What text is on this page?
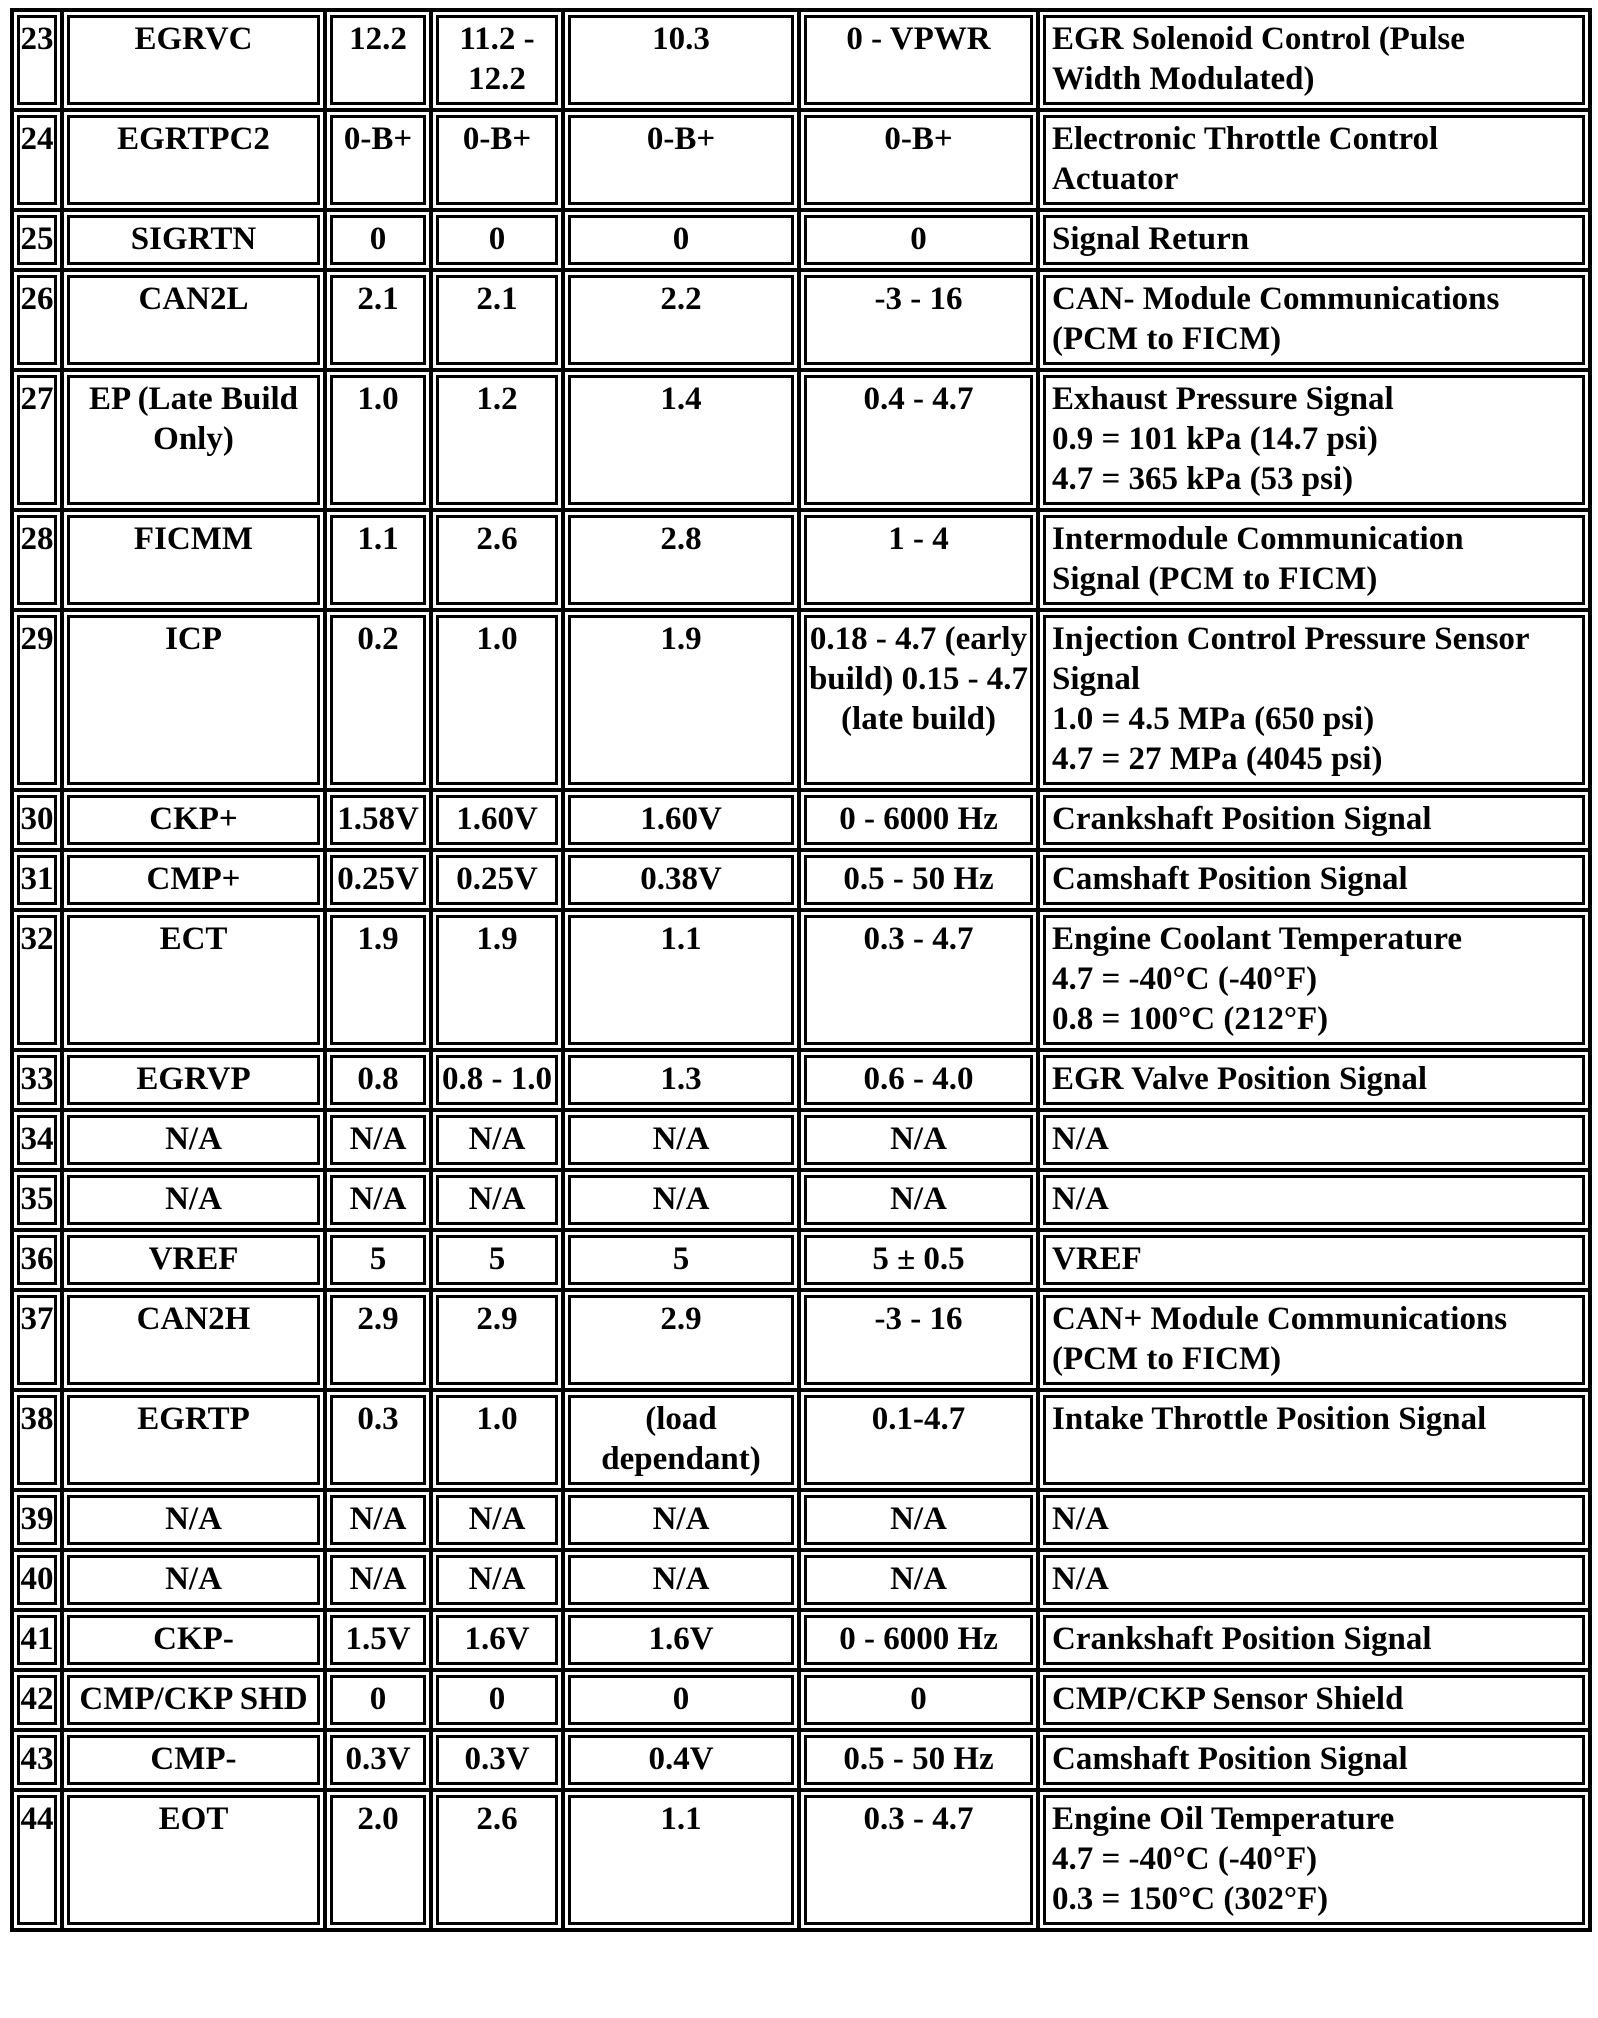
23	EGRVC	12.2	11.2 - 12.2	10.3	0 - VPWR	EGR Solenoid Control (Pulse
Width Modulated)

24	EGRTPC2	0-B+	0-B+	0-B+	0-B+	Electronic Throttle Control
Actuator

25	SIGRTN	0	0	0	0	Signal Return

26	CAN2L	2.1	2.1	2.2	-3 - 16	CAN- Module Communications
(PCM to FICM)

27	EP (Late Build Only)	1.0	1.2	1.4	0.4 - 4.7	Exhaust Pressure Signal
0.9 = 101 kPa (14.7 psi)
4.7 = 365 kPa (53 psi)

28	FICMM	1.1	2.6	2.8	1 - 4	Intermodule Communication
Signal (PCM to FICM)

29	ICP	0.2	1.0	1.9	0.18 - 4.7 (early build) 0.15 - 4.7 (late build)	Injection Control Pressure Sensor
Signal
1.0 = 4.5 MPa (650 psi)
4.7 = 27 MPa (4045 psi)

30	CKP+	1.58V	1.60V	1.60V	0 - 6000 Hz	Crankshaft Position Signal

31	CMP+	0.25V	0.25V	0.38V	0.5 - 50 Hz	Camshaft Position Signal

32	ECT	1.9	1.9	1.1	0.3 - 4.7	Engine Coolant Temperature
4.7 = -40°C (-40°F)
0.8 = 100°C (212°F)

33	EGRVP	0.8	0.8 - 1.0	1.3	0.6 - 4.0	EGR Valve Position Signal

34	N/A	N/A	N/A	N/A	N/A	N/A

35	N/A	N/A	N/A	N/A	N/A	N/A

36	VREF	5	5	5	5 ± 0.5	VREF

37	CAN2H	2.9	2.9	2.9	-3 - 16	CAN+ Module Communications
(PCM to FICM)

38	EGRTP	0.3	1.0	(load dependant)	0.1-4.7	Intake Throttle Position Signal

39	N/A	N/A	N/A	N/A	N/A	N/A

40	N/A	N/A	N/A	N/A	N/A	N/A

41	CKP-	1.5V	1.6V	1.6V	0 - 6000 Hz	Crankshaft Position Signal

42	CMP/CKP SHD	0	0	0	0	CMP/CKP Sensor Shield

43	CMP-	0.3V	0.3V	0.4V	0.5 - 50 Hz	Camshaft Position Signal

44	EOT	2.0	2.6	1.1	0.3 - 4.7	Engine Oil Temperature
4.7 = -40°C (-40°F)
0.3 = 150°C (302°F)
